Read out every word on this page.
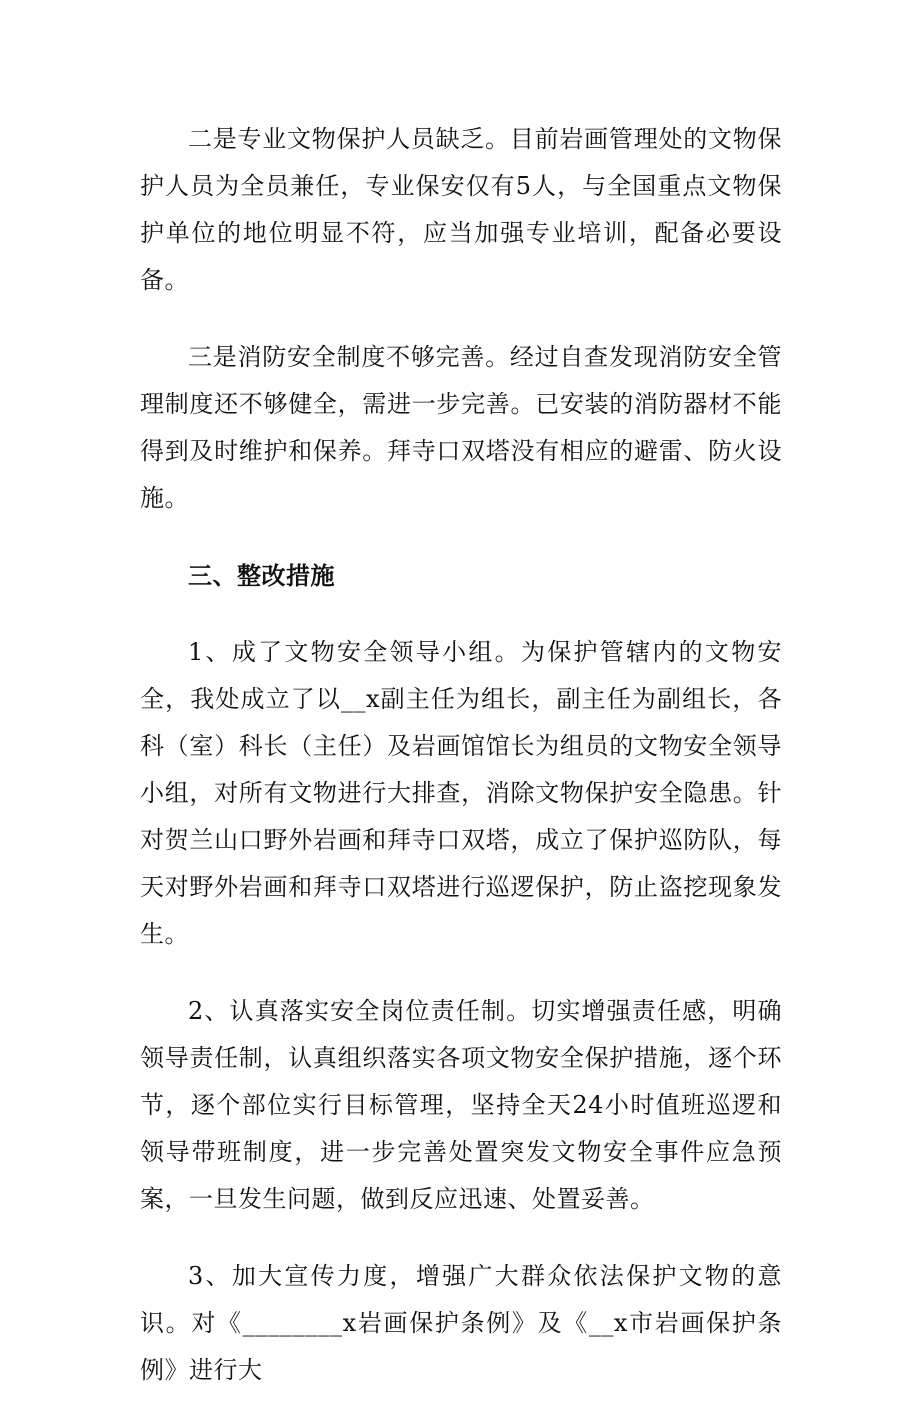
二是专业文物保护人员缺乏。目前岩画管理处的文物保护人员为全员兼任，专业保安仅有5人，与全国重点文物保护单位的地位明显不符，应当加强专业培训，配备必要设备。

三是消防安全制度不够完善。经过自查发现消防安全管理制度还不够健全，需进一步完善。已安装的消防器材不能得到及时维护和保养。拜寺口双塔没有相应的避雷、防火设施。

三、整改措施

1、成了文物安全领导小组。为保护管辖内的文物安全，我处成立了以__x副主任为组长，副主任为副组长，各科（室）科长（主任）及岩画馆馆长为组员的文物安全领导小组，对所有文物进行大排查，消除文物保护安全隐患。针对贺兰山口野外岩画和拜寺口双塔，成立了保护巡防队，每天对野外岩画和拜寺口双塔进行巡逻保护，防止盗挖现象发生。

2、认真落实安全岗位责任制。切实增强责任感，明确领导责任制，认真组织落实各项文物安全保护措施，逐个环节，逐个部位实行目标管理，坚持全天24小时值班巡逻和领导带班制度，进一步完善处置突发文物安全事件应急预案，一旦发生问题，做到反应迅速、处置妥善。

3、加大宣传力度，增强广大群众依法保护文物的意识。对《________x岩画保护条例》及《__x市岩画保护条例》进行大
